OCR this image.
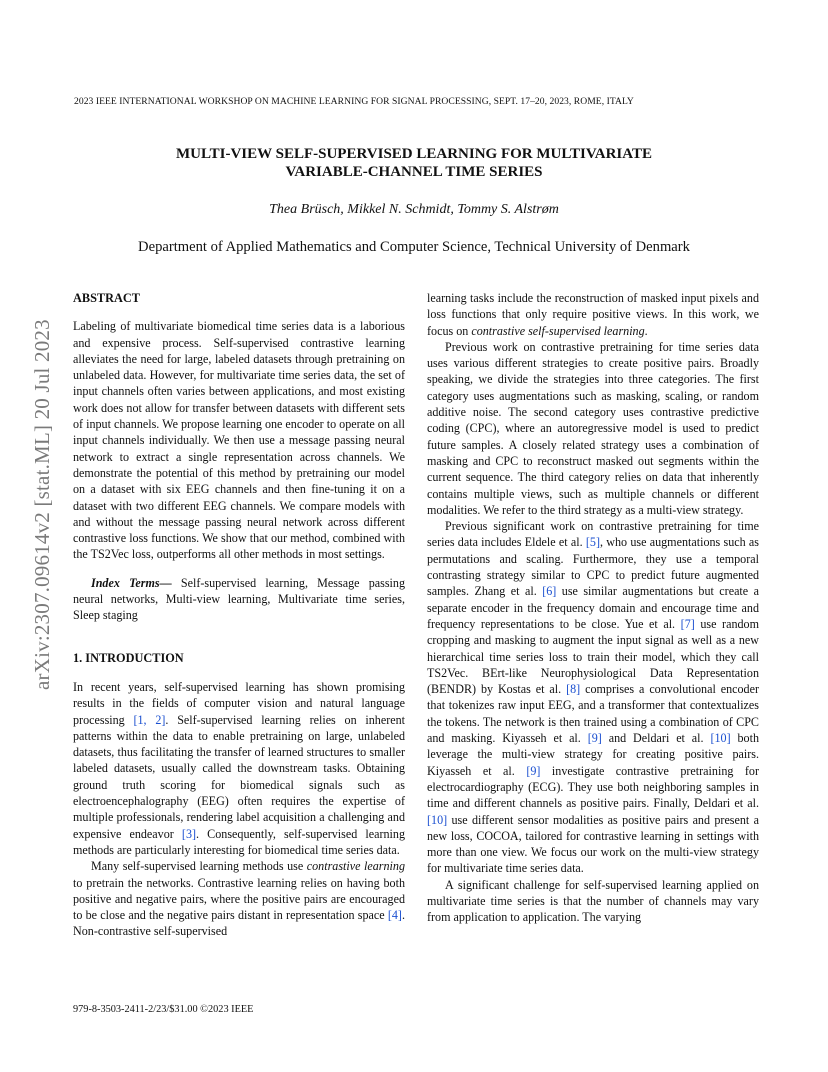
2023 IEEE INTERNATIONAL WORKSHOP ON MACHINE LEARNING FOR SIGNAL PROCESSING, SEPT. 17–20, 2023, ROME, ITALY
MULTI-VIEW SELF-SUPERVISED LEARNING FOR MULTIVARIATE
VARIABLE-CHANNEL TIME SERIES
Thea Brüsch, Mikkel N. Schmidt, Tommy S. Alstrøm
Department of Applied Mathematics and Computer Science, Technical University of Denmark
arXiv:2307.09614v2 [stat.ML] 20 Jul 2023

ABSTRACT

Labeling of multivariate biomedical time series data is a laborious and expensive process. Self-supervised contrastive learning alleviates the need for large, labeled datasets through pretraining on unlabeled data. However, for multivariate time series data, the set of input channels often varies between applications, and most existing work does not allow for transfer between datasets with different sets of input channels. We propose learning one encoder to operate on all input channels individually. We then use a message passing neural network to extract a single representation across channels. We demonstrate the potential of this method by pretraining our model on a dataset with six EEG channels and then fine-tuning it on a dataset with two different EEG channels. We compare models with and without the message passing neural network across different contrastive loss functions. We show that our method, combined with the TS2Vec loss, outperforms all other methods in most settings.

Index Terms— Self-supervised learning, Message passing neural networks, Multi-view learning, Multivariate time series, Sleep staging

1. INTRODUCTION

In recent years, self-supervised learning has shown promising results in the fields of computer vision and natural language processing [1, 2]. Self-supervised learning relies on inherent patterns within the data to enable pretraining on large, unlabeled datasets, thus facilitating the transfer of learned structures to smaller labeled datasets, usually called the downstream tasks. Obtaining ground truth scoring for biomedical signals such as electroencephalography (EEG) often requires the expertise of multiple professionals, rendering label acquisition a challenging and expensive endeavor [3]. Consequently, self-supervised learning methods are particularly interesting for biomedical time series data.

Many self-supervised learning methods use contrastive learning to pretrain the networks. Contrastive learning relies on having both positive and negative pairs, where the positive pairs are encouraged to be close and the negative pairs distant in representation space [4]. Non-contrastive self-supervised

learning tasks include the reconstruction of masked input pixels and loss functions that only require positive views. In this work, we focus on contrastive self-supervised learning.

Previous work on contrastive pretraining for time series data uses various different strategies to create positive pairs. Broadly speaking, we divide the strategies into three categories. The first category uses augmentations such as masking, scaling, or random additive noise. The second category uses contrastive predictive coding (CPC), where an autoregressive model is used to predict future samples. A closely related strategy uses a combination of masking and CPC to reconstruct masked out segments within the current sequence. The third category relies on data that inherently contains multiple views, such as multiple channels or different modalities. We refer to the third strategy as a multi-view strategy.

Previous significant work on contrastive pretraining for time series data includes Eldele et al. [5], who use augmentations such as permutations and scaling. Furthermore, they use a temporal contrasting strategy similar to CPC to predict future augmented samples. Zhang et al. [6] use similar augmentations but create a separate encoder in the frequency domain and encourage time and frequency representations to be close. Yue et al. [7] use random cropping and masking to augment the input signal as well as a new hierarchical time series loss to train their model, which they call TS2Vec. BErt-like Neurophysiological Data Representation (BENDR) by Kostas et al. [8] comprises a convolutional encoder that tokenizes raw input EEG, and a transformer that contextualizes the tokens. The network is then trained using a combination of CPC and masking. Kiyasseh et al. [9] and Deldari et al. [10] both leverage the multi-view strategy for creating positive pairs. Kiyasseh et al. [9] investigate contrastive pretraining for electrocardiography (ECG). They use both neighboring samples in time and different channels as positive pairs. Finally, Deldari et al. [10] use different sensor modalities as positive pairs and present a new loss, COCOA, tailored for contrastive learning in settings with more than one view. We focus our work on the multi-view strategy for multivariate time series data.

A significant challenge for self-supervised learning applied on multivariate time series is that the number of channels may vary from application to application. The varying

979-8-3503-2411-2/23/$31.00 ©2023 IEEE
